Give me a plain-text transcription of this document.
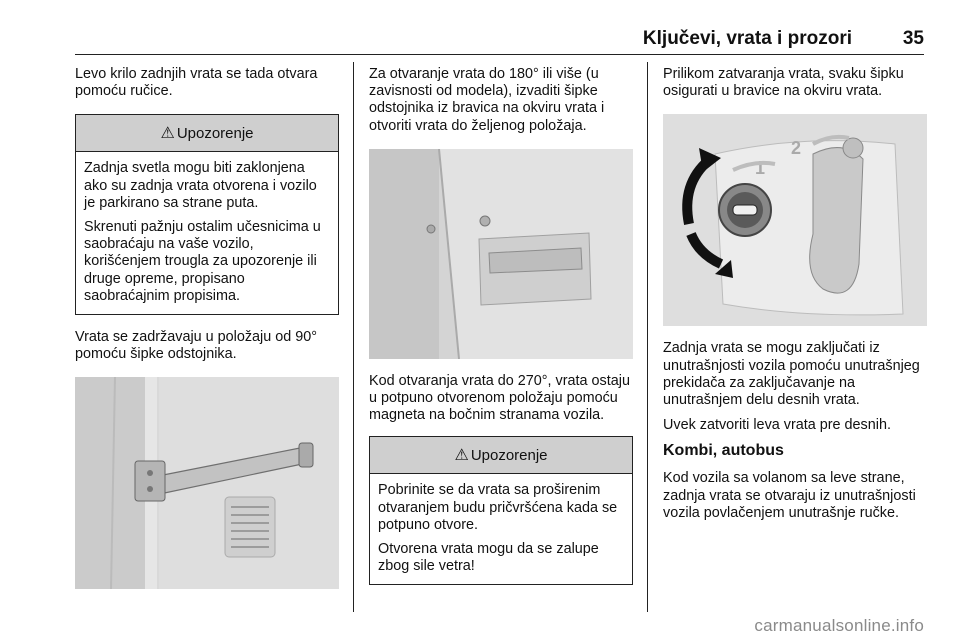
Ključevi, vrata i prozori	35

Levo krilo zadnjih vrata se tada otvara pomoću ručice.

⚠ Upozorenje

Zadnja svetla mogu biti zaklonjena ako su zadnja vrata otvorena i vozilo je parkirano sa strane puta.

Skrenuti pažnju ostalim učesnicima u saobraćaju na vaše vozilo, korišćenjem trougla za upozorenje ili druge opreme, propisano saobraćajnim propisima.

Vrata se zadržavaju u položaju od 90° pomoću šipke odstojnika.

Za otvaranje vrata do 180° ili više (u zavisnosti od modela), izvaditi šipke odstojnika iz bravica na okviru vrata i otvoriti vrata do željenog položaja.

Kod otvaranja vrata do 270°, vrata ostaju u potpuno otvorenom položaju pomoću magneta na bočnim stranama vozila.

⚠ Upozorenje

Pobrinite se da vrata sa proširenim otvaranjem budu pričvršćena kada se potpuno otvore.

Otvorena vrata mogu da se zalupe zbog sile vetra!

Prilikom zatvaranja vrata, svaku šipku osigurati u bravice na okviru vrata.

2
1

Zadnja vrata se mogu zaključati iz unutrašnjosti vozila pomoću unutrašnjeg prekidača za zaključavanje na unutrašnjem delu desnih vrata.

Uvek zatvoriti leva vrata pre desnih.

Kombi, autobus

Kod vozila sa volanom sa leve strane, zadnja vrata se otvaraju iz unutrašnjosti vozila povlačenjem unutrašnje ručke.

carmanualsonline.info
